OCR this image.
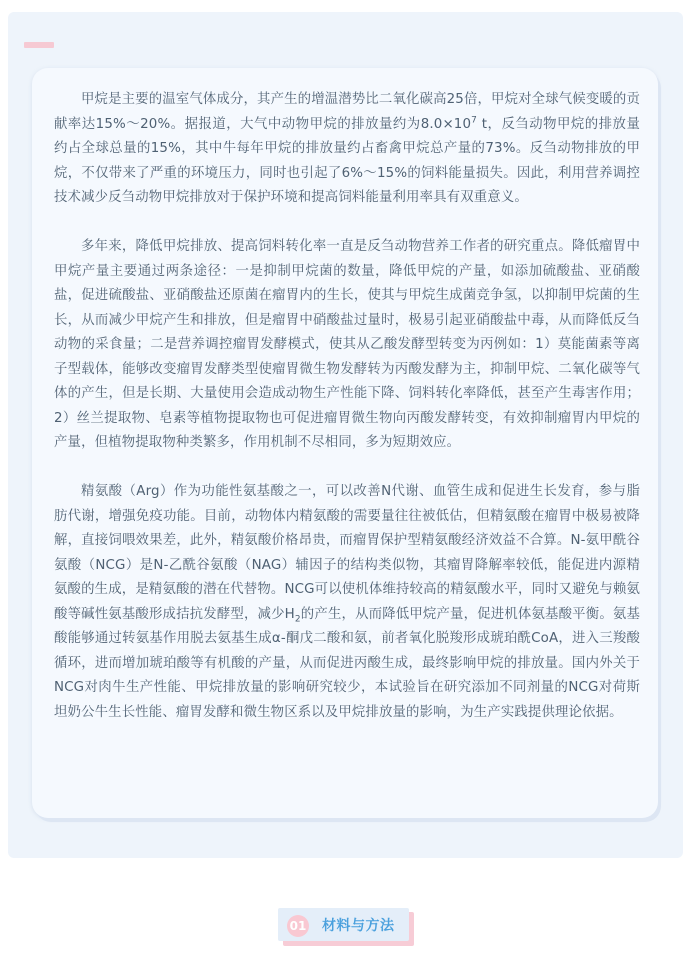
甲烷是主要的温室气体成分，其产生的增温潜势比二氧化碳高25倍，甲烷对全球气候变暖的贡献率达15%～20%。据报道，大气中动物甲烷的排放量约为$8.0\times 10^7$ t，反刍动物甲烷的排放量约占全球总量的15%，其中牛每年甲烷的排放量约占畜禽甲烷总产量的73%。反刍动物排放的甲烷，不仅带来了严重的环境压力，同时也引起了6%～15%的饲料能量损失。因此，利用营养调控技术减少反刍动物甲烷排放对于保护环境和提高饲料能量利用率具有双重意义。

多年来，降低甲烷排放、提高饲料转化率一直是反刍动物营养工作者的研究重点。降低瘤胃中甲烷产量主要通过两条途径：一是抑制甲烷菌的数量，降低甲烷的产量，如添加硫酸盐、亚硝酸盐，促进硫酸盐、亚硝酸盐还原菌在瘤胃内的生长，使其与甲烷生成菌竞争氢，以抑制甲烷菌的生长，从而减少甲烷产生和排放，但是瘤胃中硝酸盐过量时，极易引起亚硝酸盐中毒，从而降低反刍动物的采食量；二是营养调控瘤胃发酵模式，使其从乙酸发酵型转变为丙例如：1）莫能菌素等离子型载体，能够改变瘤胃发酵类型使瘤胃微生物发酵转为丙酸发酵为主，抑制甲烷、二氧化碳等气体的产生，但是长期、大量使用会造成动物生产性能下降、饲料转化率降低，甚至产生毒害作用；2）丝兰提取物、皂素等植物提取物也可促进瘤胃微生物向丙酸发酵转变，有效抑制瘤胃内甲烷的产量，但植物提取物种类繁多，作用机制不尽相同，多为短期效应。

精氨酸（Arg）作为功能性氨基酸之一，可以改善N代谢、血管生成和促进生长发育，参与脂肪代谢，增强免疫功能。目前，动物体内精氨酸的需要量往往被低估，但精氨酸在瘤胃中极易被降解，直接饲喂效果差，此外，精氨酸价格昂贵，而瘤胃保护型精氨酸经济效益不合算。N-氨甲酰谷氨酸（NCG）是N-乙酰谷氨酸（NAG）辅因子的结构类似物，其瘤胃降解率较低，能促进内源精氨酸的生成，是精氨酸的潜在代替物。NCG可以使机体维持较高的精氨酸水平，同时又避免与赖氨酸等碱性氨基酸形成拮抗发酵型，减少$H_2$的产生，从而降低甲烷产量，促进机体氨基酸平衡。氨基酸能够通过转氨基作用脱去氨基生成α-酮戊二酸和氨，前者氧化脱羧形成琥珀酰CoA，进入三羧酸循环，进而增加琥珀酸等有机酸的产量，从而促进丙酸生成，最终影响甲烷的排放量。国内外关于NCG对肉牛生产性能、甲烷排放量的影响研究较少，本试验旨在研究添加不同剂量的NCG对荷斯坦奶公牛生长性能、瘤胃发酵和微生物区系以及甲烷排放量的影响，为生产实践提供理论依据。

01 材料与方法
